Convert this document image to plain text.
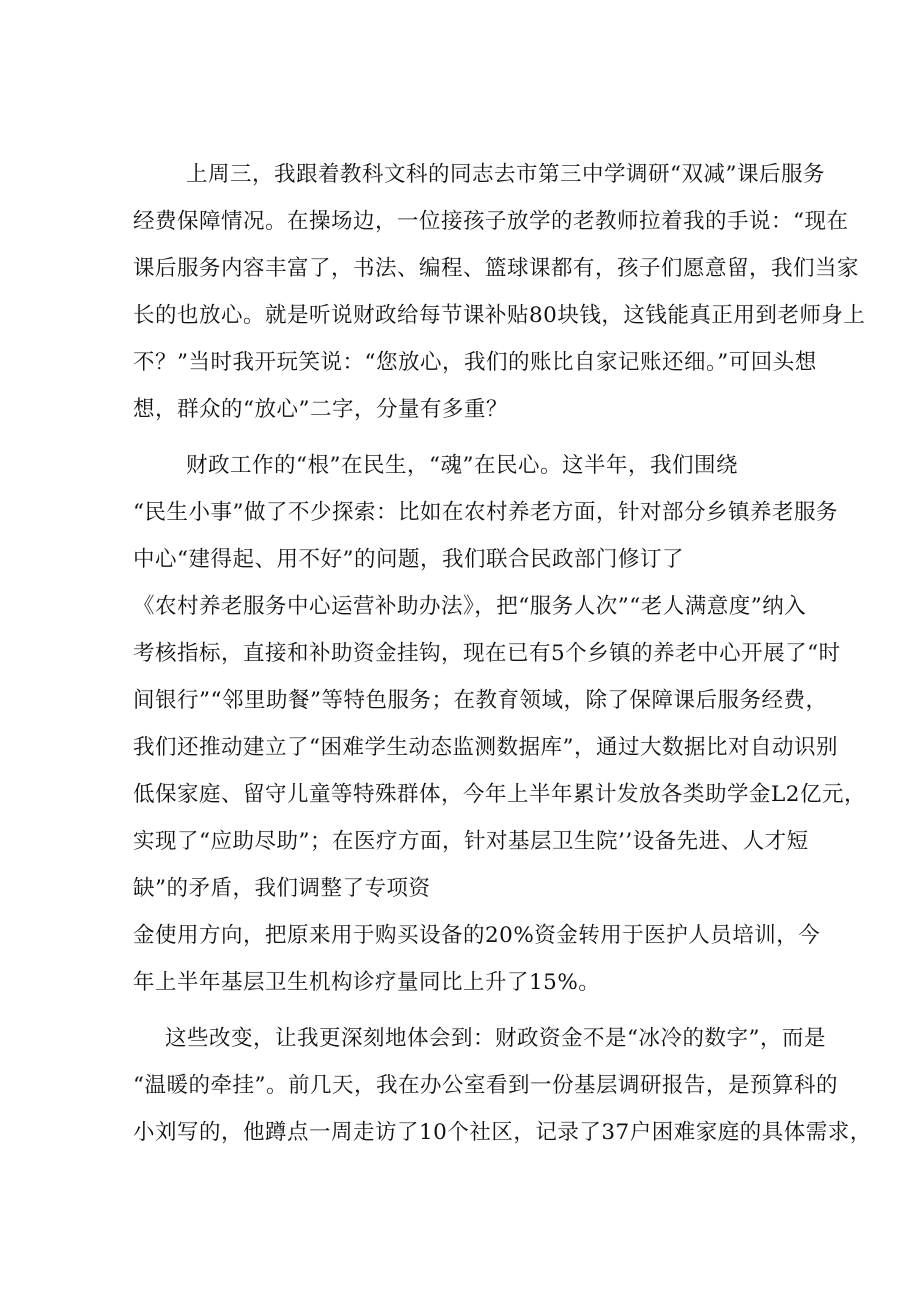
上周三，我跟着教科文科的同志去市第三中学调研“双减”课后服务
经费保障情况。在操场边，一位接孩子放学的老教师拉着我的手说：“现在
课后服务内容丰富了，书法、编程、篮球课都有，孩子们愿意留，我们当家
长的也放心。就是听说财政给每节课补贴80块钱，这钱能真正用到老师身上
不？”当时我开玩笑说：“您放心，我们的账比自家记账还细。”可回头想
想，群众的“放心”二字，分量有多重？
财政工作的“根”在民生，“魂”在民心。这半年，我们围绕
“民生小事”做了不少探索：比如在农村养老方面，针对部分乡镇养老服务
中心“建得起、用不好”的问题，我们联合民政部门修订了
《农村养老服务中心运营补助办法》，把“服务人次”“老人满意度”纳入
考核指标，直接和补助资金挂钩，现在已有5个乡镇的养老中心开展了“时
间银行”“邻里助餐”等特色服务；在教育领域，除了保障课后服务经费，
我们还推动建立了“困难学生动态监测数据库”，通过大数据比对自动识别
低保家庭、留守儿童等特殊群体，今年上半年累计发放各类助学金L2亿元，
实现了“应助尽助”；在医疗方面，针对基层卫生院’’设备先进、人才短
缺”的矛盾，我们调整了专项资
金使用方向，把原来用于购买设备的20%资金转用于医护人员培训，今
年上半年基层卫生机构诊疗量同比上升了15%。
这些改变，让我更深刻地体会到：财政资金不是“冰冷的数字”，而是
“温暖的牵挂”。前几天，我在办公室看到一份基层调研报告，是预算科的
小刘写的，他蹲点一周走访了10个社区，记录了37户困难家庭的具体需求，
